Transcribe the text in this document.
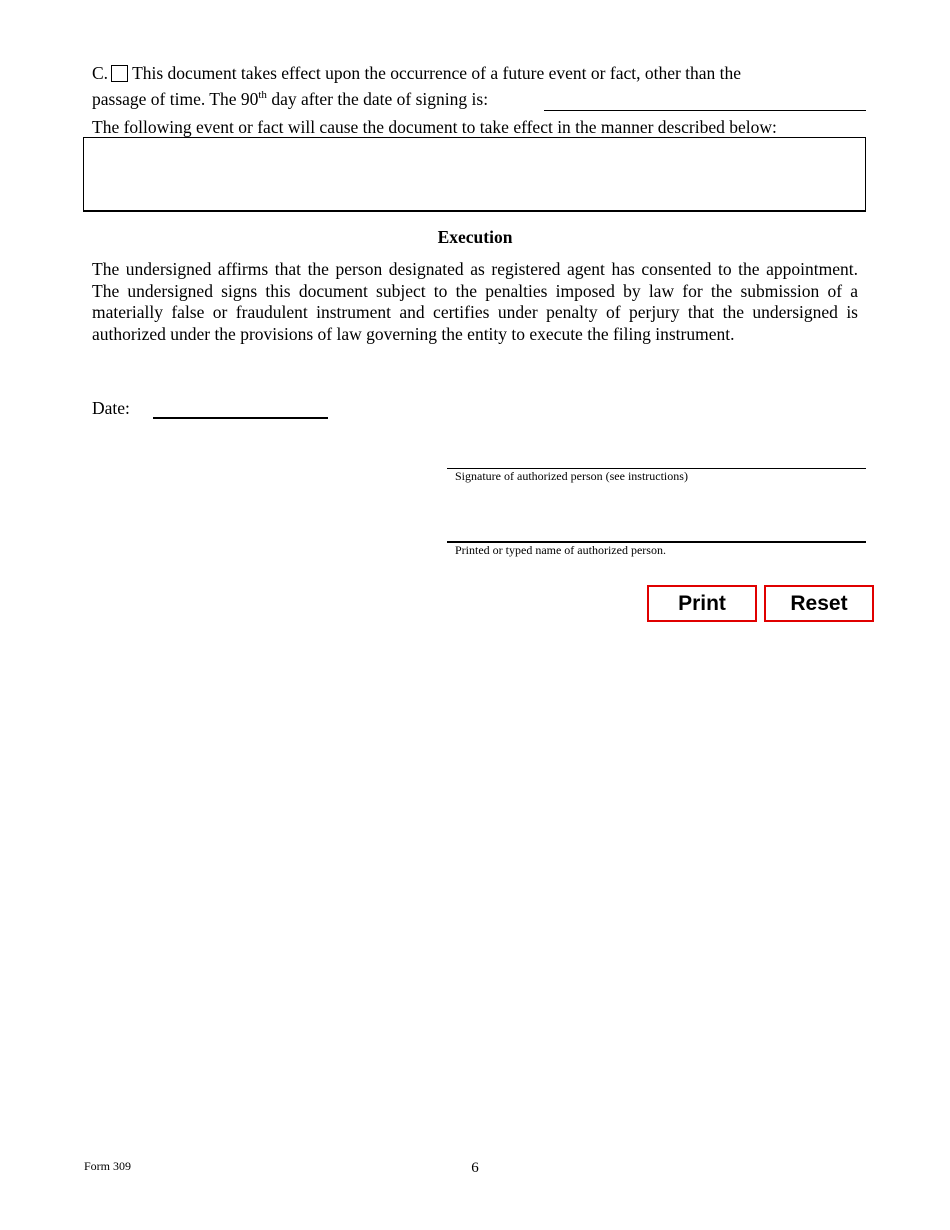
C. This document takes effect upon the occurrence of a future event or fact, other than the
passage of time. The 90th day after the date of signing is:
The following event or fact will cause the document to take effect in the manner described below:
Execution

The undersigned affirms that the person designated as registered agent has consented to the appointment. The undersigned signs this document subject to the penalties imposed by law for the submission of a materially false or fraudulent instrument and certifies under penalty of perjury that the undersigned is authorized under the provisions of law governing the entity to execute the filing instrument.

Date:
Signature of authorized person (see instructions)
Printed or typed name of authorized person.
Print	Reset
Form 309	6
